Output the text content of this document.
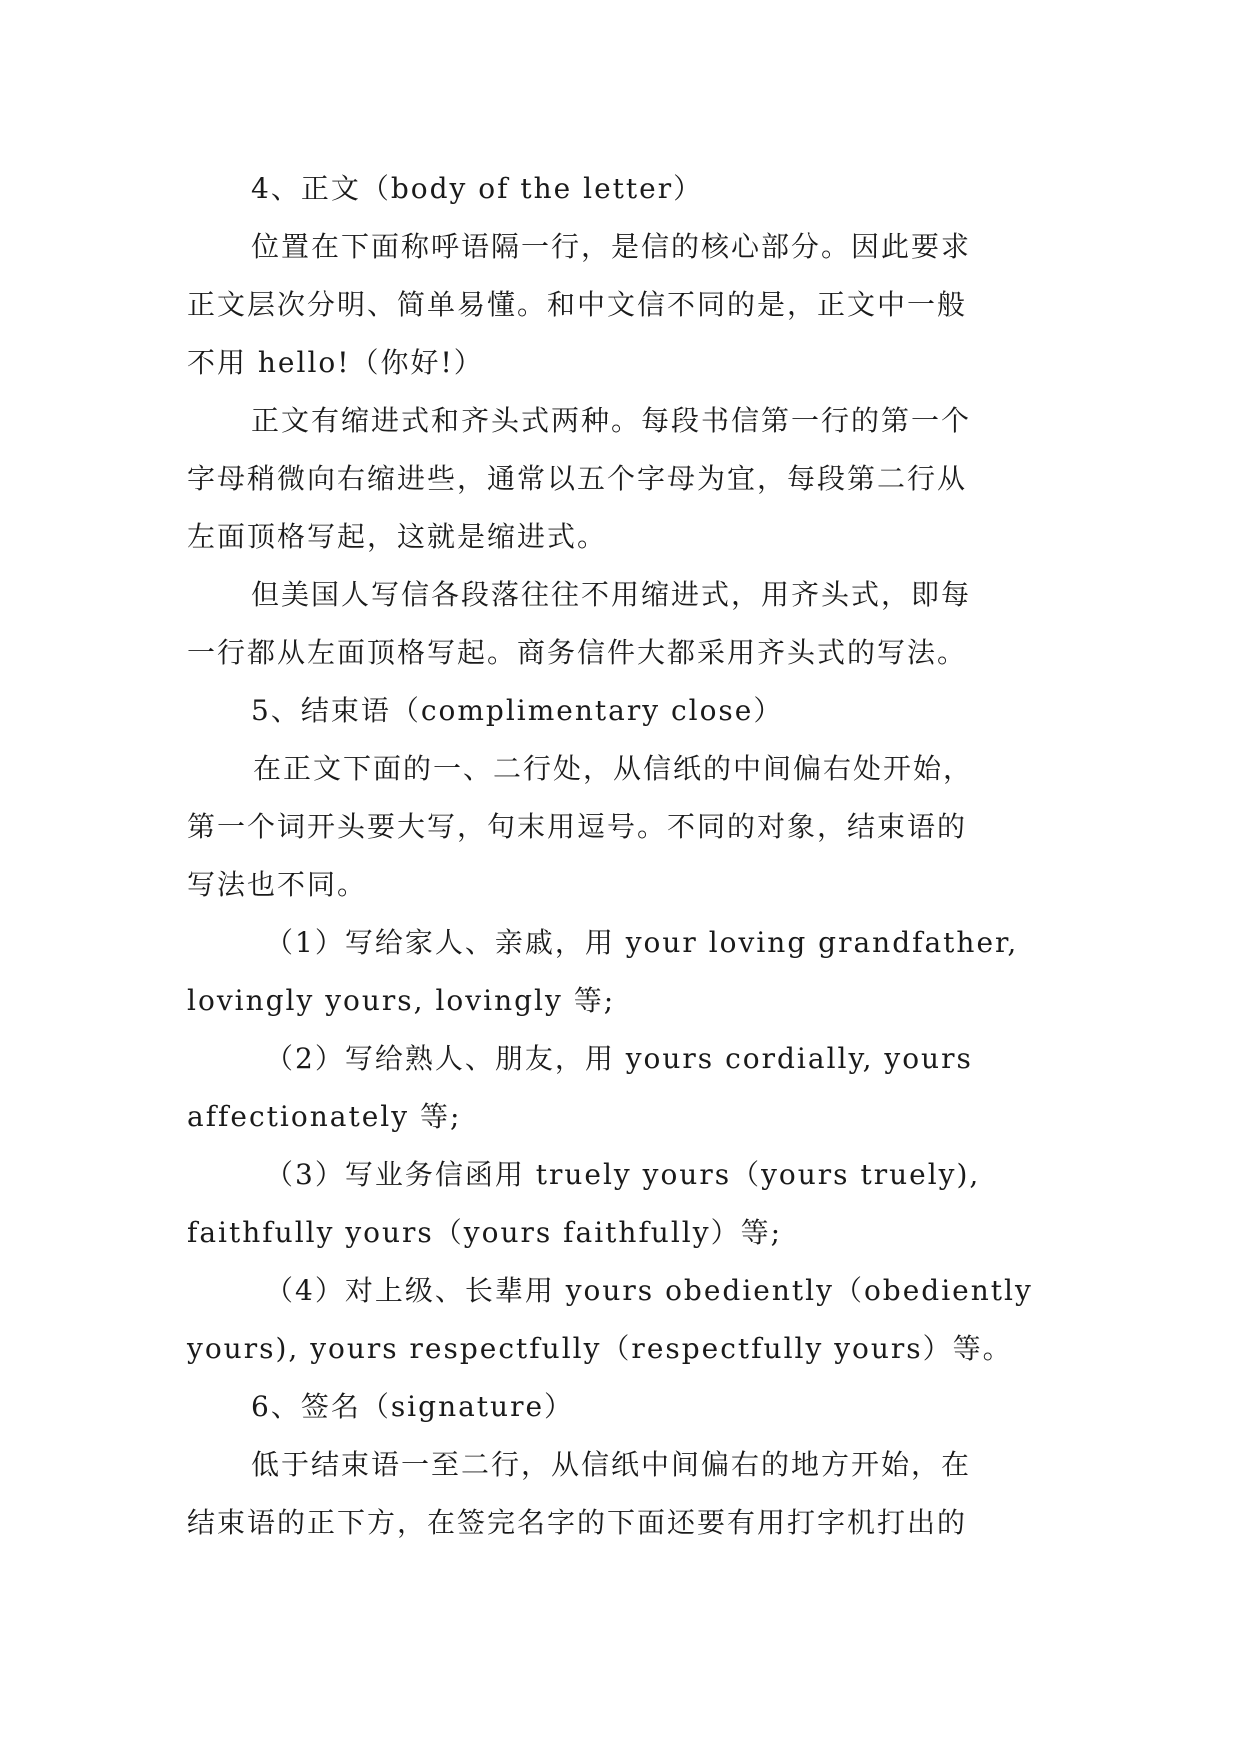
4、正文（body of the letter）
位置在下面称呼语隔一行，是信的核心部分。因此要求
正文层次分明、简单易懂。和中文信不同的是，正文中一般
不用 hello!（你好!）
正文有缩进式和齐头式两种。每段书信第一行的第一个
字母稍微向右缩进些，通常以五个字母为宜，每段第二行从
左面顶格写起，这就是缩进式。
但美国人写信各段落往往不用缩进式，用齐头式，即每
一行都从左面顶格写起。商务信件大都采用齐头式的写法。
5、结束语（complimentary close）
在正文下面的一、二行处，从信纸的中间偏右处开始，
第一个词开头要大写，句末用逗号。不同的对象，结束语的
写法也不同。
（1）写给家人、亲戚，用 your loving grandfather,
lovingly yours, lovingly 等;
（2）写给熟人、朋友，用 yours cordially, yours
affectionately 等;
（3）写业务信函用 truely yours（yours truely),
faithfully yours（yours faithfully）等;
（4）对上级、长辈用 yours obediently（obediently
yours), yours respectfully（respectfully yours）等。
6、签名（signature）
低于结束语一至二行，从信纸中间偏右的地方开始，在
结束语的正下方，在签完名字的下面还要有用打字机打出的
